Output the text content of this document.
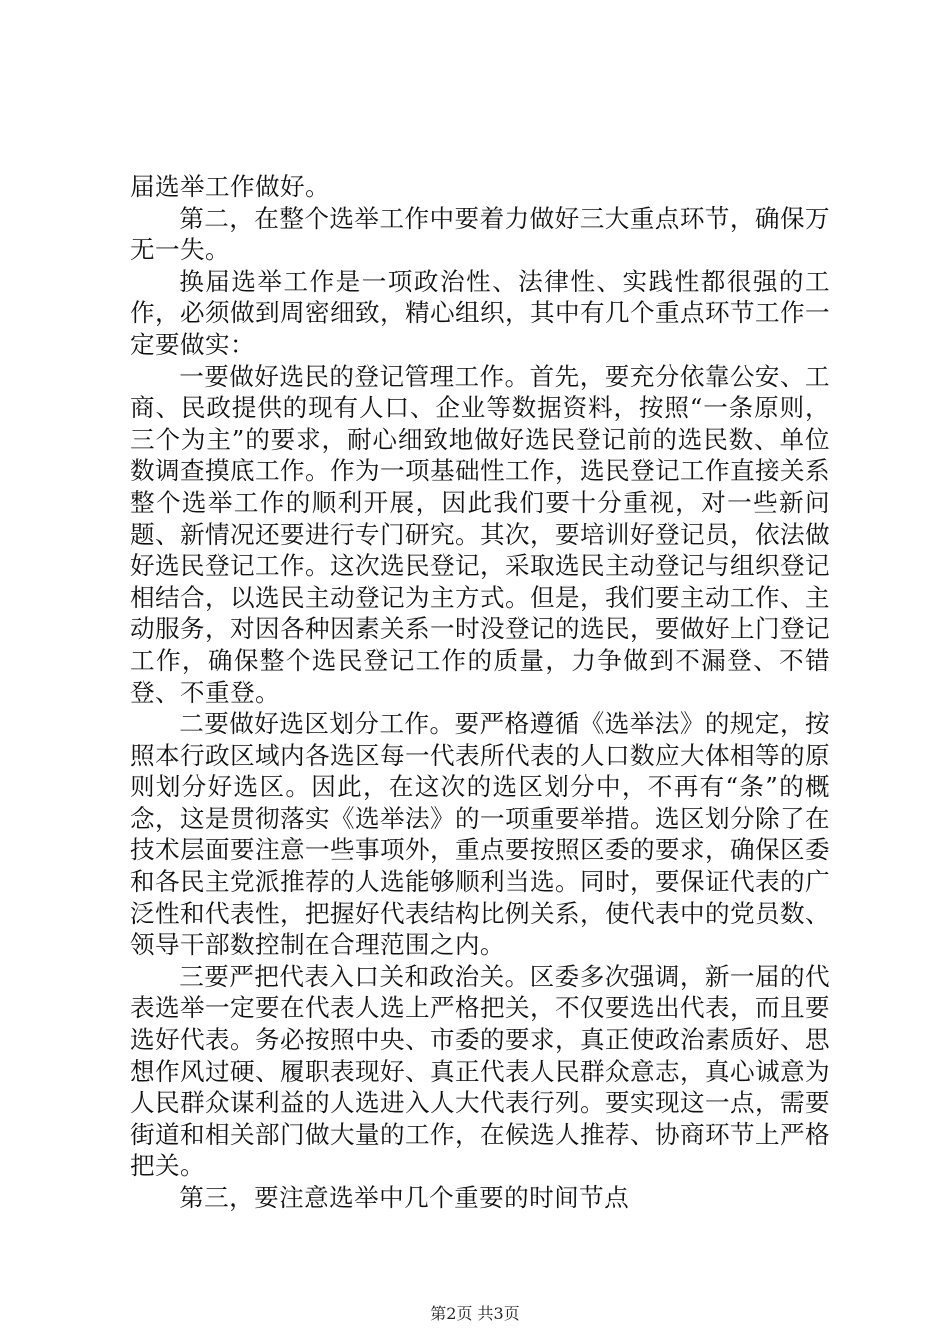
届选举工作做好。

第二，在整个选举工作中要着力做好三大重点环节，确保万无一失。

换届选举工作是一项政治性、法律性、实践性都很强的工作，必须做到周密细致，精心组织，其中有几个重点环节工作一定要做实：

一要做好选民的登记管理工作。首先，要充分依靠公安、工商、民政提供的现有人口、企业等数据资料，按照“一条原则，三个为主”的要求，耐心细致地做好选民登记前的选民数、单位数调查摸底工作。作为一项基础性工作，选民登记工作直接关系整个选举工作的顺利开展，因此我们要十分重视，对一些新问题、新情况还要进行专门研究。其次，要培训好登记员，依法做好选民登记工作。这次选民登记，采取选民主动登记与组织登记相结合，以选民主动登记为主方式。但是，我们要主动工作、主动服务，对因各种因素关系一时没登记的选民，要做好上门登记工作，确保整个选民登记工作的质量，力争做到不漏登、不错登、不重登。

二要做好选区划分工作。要严格遵循《选举法》的规定，按照本行政区域内各选区每一代表所代表的人口数应大体相等的原则划分好选区。因此，在这次的选区划分中，不再有“条”的概念，这是贯彻落实《选举法》的一项重要举措。选区划分除了在技术层面要注意一些事项外，重点要按照区委的要求，确保区委和各民主党派推荐的人选能够顺利当选。同时，要保证代表的广泛性和代表性，把握好代表结构比例关系，使代表中的党员数、领导干部数控制在合理范围之内。

三要严把代表入口关和政治关。区委多次强调，新一届的代表选举一定要在代表人选上严格把关，不仅要选出代表，而且要选好代表。务必按照中央、市委的要求，真正使政治素质好、思想作风过硬、履职表现好、真正代表人民群众意志，真心诚意为人民群众谋利益的人选进入人大代表行列。要实现这一点，需要街道和相关部门做大量的工作，在候选人推荐、协商环节上严格把关。

第三，要注意选举中几个重要的时间节点

第2页 共3页
